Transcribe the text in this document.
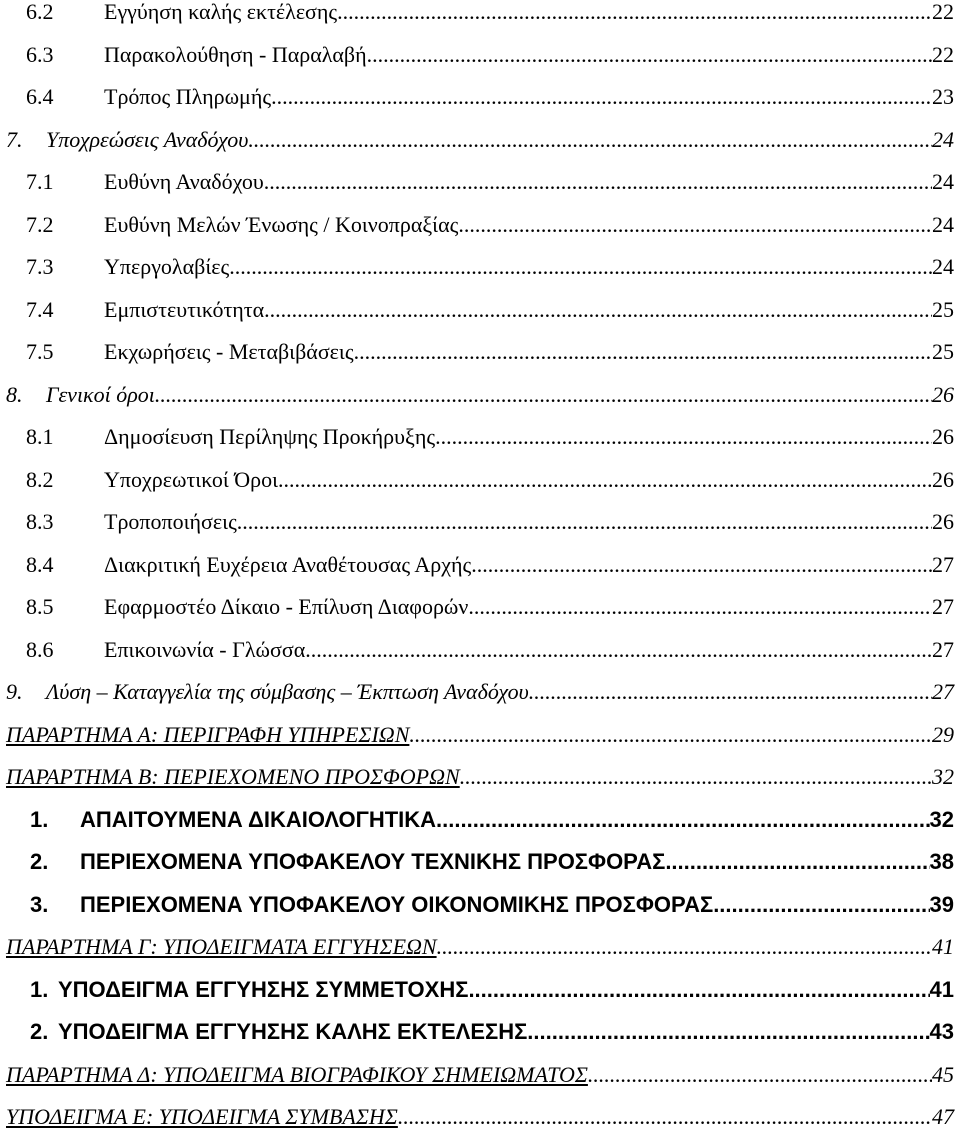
6.2	Εγγύηση καλής εκτέλεσης .....	22
6.3	Παρακολούθηση - Παραλαβή .....	22
6.4	Τρόπος Πληρωμής .....	23
7.	Υποχρεώσεις Αναδόχου .....	24
7.1	Ευθύνη Αναδόχου .....	24
7.2	Ευθύνη Μελών Ένωσης / Κοινοπραξίας .....	24
7.3	Υπεργολαβίες .....	24
7.4	Εμπιστευτικότητα .....	25
7.5	Εκχωρήσεις - Μεταβιβάσεις .....	25
8.	Γενικοί όροι .....	26
8.1	Δημοσίευση Περίληψης Προκήρυξης .....	26
8.2	Υποχρεωτικοί Όροι .....	26
8.3	Τροποποιήσεις .....	26
8.4	Διακριτική Ευχέρεια Αναθέτουσας Αρχής .....	27
8.5	Εφαρμοστέο Δίκαιο - Επίλυση Διαφορών .....	27
8.6	Επικοινωνία - Γλώσσα .....	27
9.	Λύση – Καταγγελία της σύμβασης – Έκπτωση Αναδόχου .....	27
ΠΑΡΑΡΤΗΜΑ Α: ΠΕΡΙΓΡΑΦΗ ΥΠΗΡΕΣΙΩΝ .....	29
ΠΑΡΑΡΤΗΜΑ Β: ΠΕΡΙΕΧΟΜΕΝΟ ΠΡΟΣΦΟΡΩΝ .....	32
1.	ΑΠΑΙΤΟΥΜΕΝΑ ΔΙΚΑΙΟΛΟΓΗΤΙΚΑ .....	32
2.	ΠΕΡΙΕΧΟΜΕΝΑ ΥΠΟΦΑΚΕΛΟΥ ΤΕΧΝΙΚΗΣ ΠΡΟΣΦΟΡΑΣ .....	38
3.	ΠΕΡΙΕΧΟΜΕΝΑ ΥΠΟΦΑΚΕΛΟΥ ΟΙΚΟΝΟΜΙΚΗΣ ΠΡΟΣΦΟΡΑΣ .....	39
ΠΑΡΑΡΤΗΜΑ Γ: ΥΠΟΔΕΙΓΜΑΤΑ ΕΓΓΥΗΣΕΩΝ .....	41
1. ΥΠΟΔΕΙΓΜΑ ΕΓΓΥΗΣΗΣ ΣΥΜΜΕΤΟΧΗΣ .....	41
2. ΥΠΟΔΕΙΓΜΑ ΕΓΓΥΗΣΗΣ ΚΑΛΗΣ ΕΚΤΕΛΕΣΗΣ .....	43
ΠΑΡΑΡΤΗΜΑ Δ: ΥΠΟΔΕΙΓΜΑ ΒΙΟΓΡΑΦΙΚΟΥ ΣΗΜΕΙΩΜΑΤΟΣ .....	45
ΥΠΟΔΕΙΓΜΑ Ε: ΥΠΟΔΕΙΓΜΑ ΣΥΜΒΑΣΗΣ .....	47
